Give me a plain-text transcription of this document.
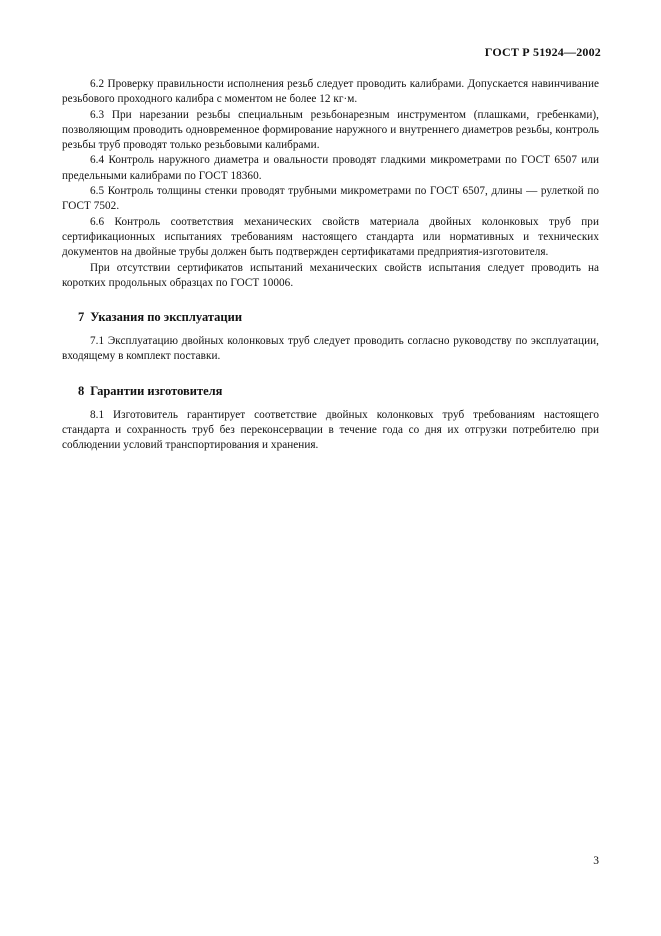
ГОСТ Р 51924—2002

6.2 Проверку правильности исполнения резьб следует проводить калибрами. Допускается навинчивание резьбового проходного калибра с моментом не более 12 кг·м.

6.3 При нарезании резьбы специальным резьбонарезным инструментом (плашками, гребенками), позволяющим проводить одновременное формирование наружного и внутреннего диаметров резьбы, контроль резьбы труб проводят только резьбовыми калибрами.

6.4 Контроль наружного диаметра и овальности проводят гладкими микрометрами по ГОСТ 6507 или предельными калибрами по ГОСТ 18360.

6.5 Контроль толщины стенки проводят трубными микрометрами по ГОСТ 6507, длины — рулеткой по ГОСТ 7502.

6.6 Контроль соответствия механических свойств материала двойных колонковых труб при сертификационных испытаниях требованиям настоящего стандарта или нормативных и технических документов на двойные трубы должен быть подтвержден сертификатами предприятия-изготовителя.

При отсутствии сертификатов испытаний механических свойств испытания следует проводить на коротких продольных образцах по ГОСТ 10006.

7 Указания по эксплуатации

7.1 Эксплуатацию двойных колонковых труб следует проводить согласно руководству по эксплуатации, входящему в комплект поставки.

8 Гарантии изготовителя

8.1 Изготовитель гарантирует соответствие двойных колонковых труб требованиям настоящего стандарта и сохранность труб без переконсервации в течение года со дня их отгрузки потребителю при соблюдении условий транспортирования и хранения.

3
